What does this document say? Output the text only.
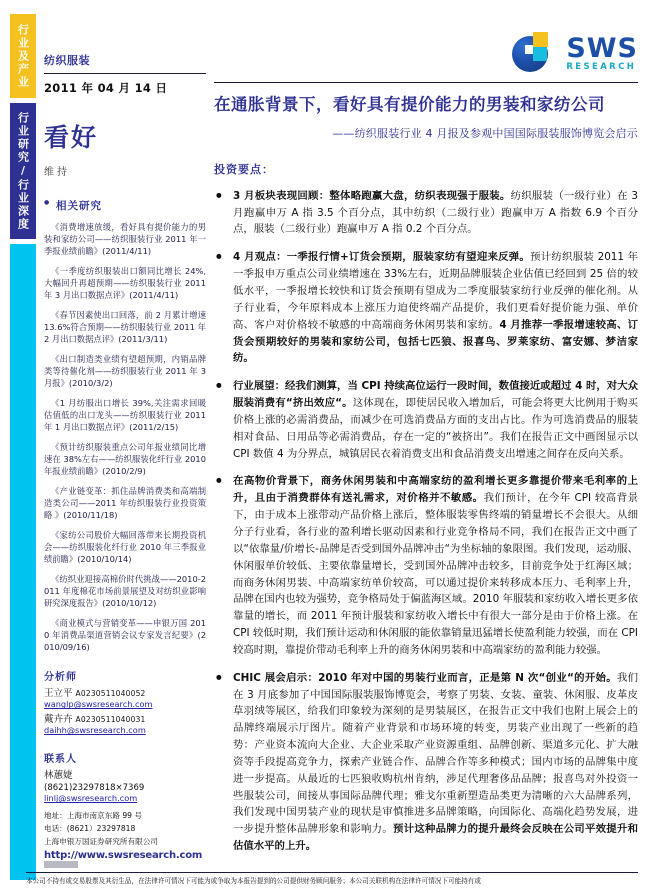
行业及产业
行业研究/行业深度
纺织服装
2011 年 04 月 14 日
看好
维持
● 相关研究
《消费增速放缓，看好具有提价能力的男装和家纺公司——纺织服装行业 2011 年一季报业绩前瞻》(2011/4/11)
《一季度纺织服装出口额同比增长 24%,大幅回升再超预期——纺织服装行业 2011 年 3 月出口数据点评》(2011/4/11)
《春节因素使出口回落，前 2 月累计增速 13.6%符合预期——纺织服装行业 2011 年 2 月出口数据点评》(2011/3/11)
《出口制造类业绩有望超预期，内销品牌类等待催化剂——纺织服装行业 2011 年 3 月报》(2010/3/2)
《1 月纺服出口增长 39%,关注需求回暖估值低的出口龙头——纺织服装行业 2011 年 1 月出口数据点评》(2011/2/15)
《预计纺织服装重点公司年报业绩同比增速在 38%左右——纺织服装化纤行业 2010 年报业绩前瞻》(2010/2/9)
《产业链变革：抓住品牌消费类和高端制造类公司——2011 年纺织服装行业投资策略 》(2010/11/18)
《家纺公司股价大幅回落带来长期投资机会——纺织服装化纤行业 2010 年三季报业绩前瞻》(2010/10/14)
《纺织业迎接高棉价时代挑战——2010-2011 年度棉花市场前景展望及对纺织业影响研究深度报告》(2010/10/12)
《商业模式与营销变革——申银万国 2010 年消费品渠道营销会议专家发言纪要》(2010/09/16)
分析师
王立平 A0230511040052
wanglp@swsresearch.com
戴卉卉 A0230511040031
daihh@swsresearch.com
联系人
林蕙婕
(8621)23297818×7369
linlj@swsresearch.com
地址：上海市南京东路 99 号
电话：(8621）23297818
上海申银万国证券研究所有限公司
http://www.swsresearch.com
SWS
RESEARCH
在通胀背景下，看好具有提价能力的男装和家纺公司
——纺织服装行业 4 月报及参观中国国际服装服饰博览会启示
投资要点：
● 3 月板块表现回顾：整体略跑赢大盘，纺织表现强于服装。纺织服装（一级行业）在 3 月跑赢申万 A 指 3.5 个百分点，其中纺织（二级行业）跑赢申万 A 指数 6.9 个百分点，服装（二级行业）跑赢申万 A 指 0.2 个百分点。
● 4 月观点：一季报行情+订货会预期，服装家纺有望迎来反弹。预计纺织服装 2011 年一季报申万重点公司业绩增速在 33%左右，近期品牌服装企业估值已经回到 25 倍的较低水平，一季报增长较快和订货会预期有望成为二季度服装家纺行业反弹的催化剂。从子行业看，今年原料成本上涨压力迫使终端产品提价，我们更看好提价能力强、单价高、客户对价格较不敏感的中高端商务休闲男装和家纺。4 月推荐一季报增速较高、订货会预期较好的男装和家纺公司，包括七匹狼、报喜鸟、罗莱家纺、富安娜、梦洁家纺。
● 行业展望：经我们测算，当 CPI 持续高位运行一段时间，数值接近或超过 4 时，对大众服装消费有“挤出效应“。这体现在，即使居民收入增加后，可能会将更大比例用于购买价格上涨的必需消费品，而减少在可选消费品方面的支出占比。作为可选消费品的服装相对食品、日用品等必需消费品，存在一定的“被挤出”。我们在报告正文中画图显示以 CPI 数值 4 为分界点，城镇居民衣着消费支出和食品消费支出增速之间存在反向关系。
● 在高物价背景下，商务休闲男装和中高端家纺的盈利增长更多靠提价带来毛利率的上升，且由于消费群体有送礼需求，对价格并不敏感。我们预计，在今年 CPI 较高背景下，由于成本上涨带动产品价格上涨后，整体服装零售终端的销量增长不会很大。从细分子行业看，各行业的盈利增长驱动因素和行业竞争格局不同，我们在报告正文中画了以“依靠量/价增长-品牌是否受到国外品牌冲击“为坐标轴的象限图。我们发现，运动服、休闲服单价较低、主要依靠量增长，受到国外品牌冲击较多，目前竞争处于红海区域；而商务休闲男装、中高端家纺单价较高，可以通过提价来转移成本压力、毛利率上升，品牌在国内也较为强势，竞争格局处于偏蓝海区域。2010 年服装和家纺收入增长更多依靠量的增长，而 2011 年预计服装和家纺收入增长中有很大一部分是由于价格上涨。在 CPI 较低时期，我们预计运动和休闲服的能依靠销量迅猛增长使盈利能力较强，而在 CPI 较高时期，靠提价带动毛利率上升的商务休闲男装和中高端家纺的盈利能力较强。
● CHIC 展会启示：2010 年对中国的男装行业而言，正是第 N 次“创业“的开始。我们在 3 月底参加了中国国际服装服饰博览会，考察了男装、女装、童装、休闲服、皮革皮草羽绒等展区，给我们印象较为深刻的是男装展区，在报告正文中我们也附上展会上的品牌终端展示厅图片。随着产业背景和市场环境的转变，男装产业出现了一些新的趋势：产业资本流向大企业、大企业采取产业资源重组、品牌创新、渠道多元化、扩大融资等手段提高竞争力，探索产业链合作、品牌合作等多种模式；国内市场的品牌集中度进一步提高。从最近的七匹狼收购杭州肯纳，涉足代理奢侈品品牌；报喜鸟对外投资一些服装公司，间接从事国际品牌代理；雅戈尔重新塑造品类更为清晰的六大品牌系列，我们发现中国男装产业的现状是审慎推进多品牌策略，向国际化、高端化趋势发展，进一步提升整体品牌形象和影响力。预计这种品牌力的提升最终会反映在公司平效提升和估值水平的上升。
本公司不持有或交易股票及其衍生品，在法律许可情况下可能为或争取为本报告提到的公司提供财务顾问服务；本公司关联机构在法律许可情况下可能持有或
